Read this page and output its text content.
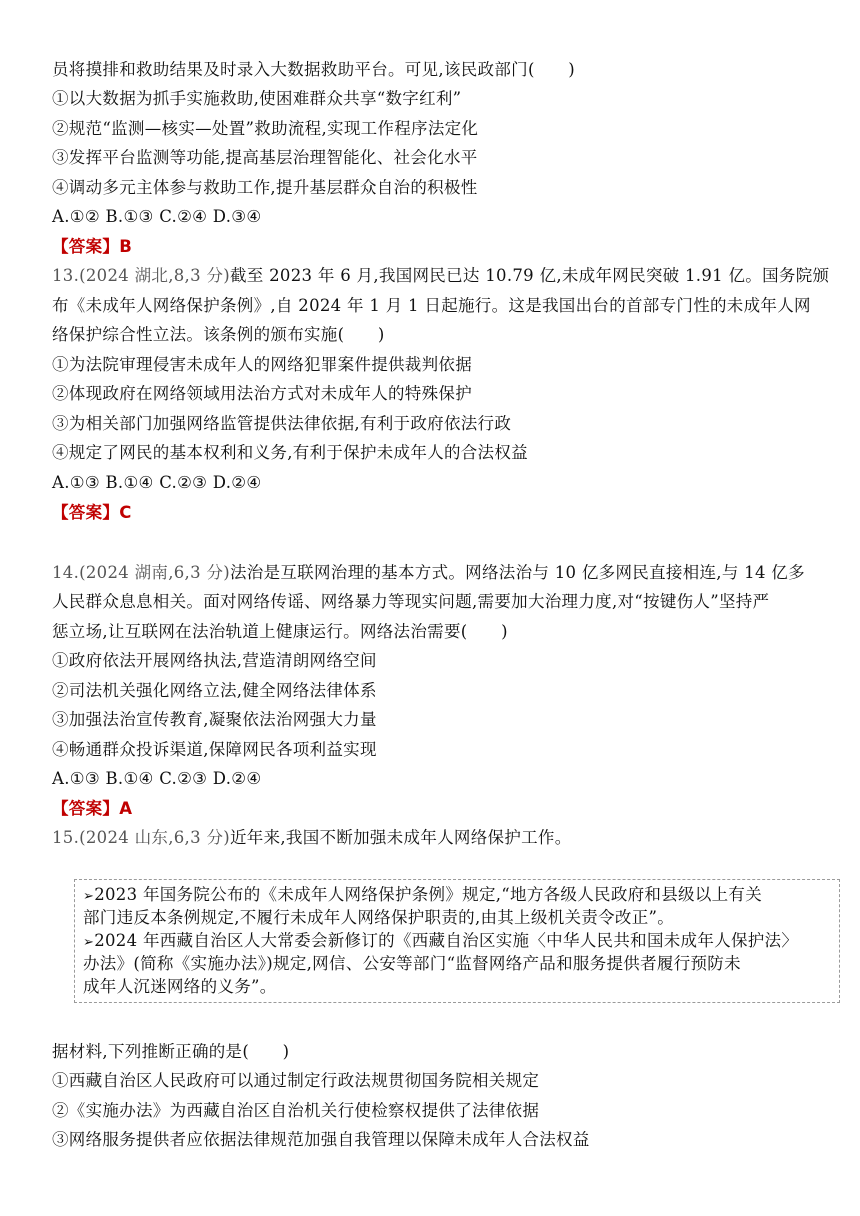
员将摸排和救助结果及时录入大数据救助平台。可见,该民政部门(　　)
①以大数据为抓手实施救助,使困难群众共享“数字红利”
②规范“监测—核实—处置”救助流程,实现工作程序法定化
③发挥平台监测等功能,提高基层治理智能化、社会化水平
④调动多元主体参与救助工作,提升基层群众自治的积极性
A.①② B.①③ C.②④ D.③④
【答案】B
13.(2024 湖北,8,3 分)截至 2023 年 6 月,我国网民已达 10.79 亿,未成年网民突破 1.91 亿。国务院颁
布《未成年人网络保护条例》,自 2024 年 1 月 1 日起施行。这是我国出台的首部专门性的未成年人网
络保护综合性立法。该条例的颁布实施(　　)
①为法院审理侵害未成年人的网络犯罪案件提供裁判依据
②体现政府在网络领域用法治方式对未成年人的特殊保护
③为相关部门加强网络监管提供法律依据,有利于政府依法行政
④规定了网民的基本权利和义务,有利于保护未成年人的合法权益
A.①③ B.①④ C.②③ D.②④
【答案】C
14.(2024 湖南,6,3 分)法治是互联网治理的基本方式。网络法治与 10 亿多网民直接相连,与 14 亿多
人民群众息息相关。面对网络传谣、网络暴力等现实问题,需要加大治理力度,对“按键伤人”坚持严
惩立场,让互联网在法治轨道上健康运行。网络法治需要(　　)
①政府依法开展网络执法,营造清朗网络空间
②司法机关强化网络立法,健全网络法律体系
③加强法治宣传教育,凝聚依法治网强大力量
④畅通群众投诉渠道,保障网民各项利益实现
A.①③ B.①④ C.②③ D.②④
【答案】A
15.(2024 山东,6,3 分)近年来,我国不断加强未成年人网络保护工作。
➢2023 年国务院公布的《未成年人网络保护条例》规定,“地方各级人民政府和县级以上有关
部门违反本条例规定,不履行未成年人网络保护职责的,由其上级机关责令改正”。
➢2024 年西藏自治区人大常委会新修订的《西藏自治区实施〈中华人民共和国未成年人保护法〉
办法》(简称《实施办法》)规定,网信、公安等部门“监督网络产品和服务提供者履行预防未
成年人沉迷网络的义务”。
据材料,下列推断正确的是(　　)
①西藏自治区人民政府可以通过制定行政法规贯彻国务院相关规定
②《实施办法》为西藏自治区自治机关行使检察权提供了法律依据
③网络服务提供者应依据法律规范加强自我管理以保障未成年人合法权益
